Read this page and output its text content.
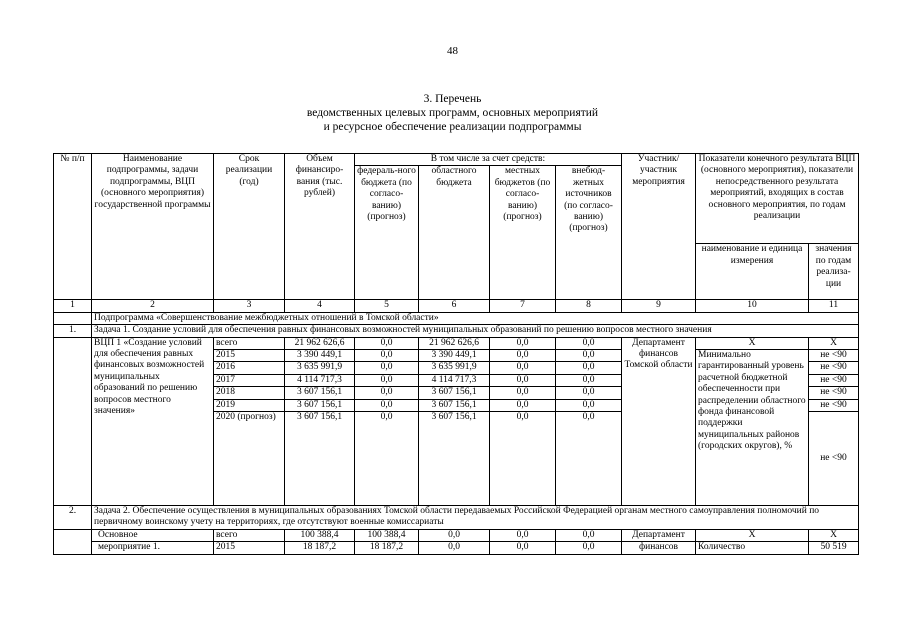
48
3. Перечень
ведомственных целевых программ, основных мероприятий
и ресурсное обеспечение реализации подпрограммы
№ п/п	Наименование подпрограммы, задачи подпрограммы, ВЦП (основного мероприятия) государственной программы	Срок реализации (год)	Объем финансиро-вания (тыс. рублей)	В том числе за счет средств:				Участник/ участник мероприятия	Показатели конечного результата ВЦП (основного мероприятия), показатели непосредственного результата мероприятий, входящих в состав основного мероприятия, по годам реализации	
				федераль-ного бюджета (по согласо-ванию) (прогноз)	областного бюджета	местных бюджетов (по согласо-ванию) (прогноз)	внебюд-жетных источников (по согласо-ванию) (прогноз)			
									наименование и единица измерения	значения по годам реализа-ции
1	2	3	4	5	6	7	8	9	10	11
	Подпрограмма «Совершенствование межбюджетных отношений в Томской области»									
1.	Задача 1. Создание условий для обеспечения равных финансовых возможностей муниципальных образований по решению вопросов местного значения									
	ВЦП 1 «Создание условий для обеспечения равных финансовых возможностей муниципальных образований по решению вопросов местного значения»	всего	21 962 626,6	0,0	21 962 626,6	0,0	0,0	Департамент финансов Томской области	X	X
		2015	3 390 449,1	0,0	3 390 449,1	0,0	0,0		Минимально гарантированный уровень расчетной бюджетной обеспеченности при распределении областного фонда финансовой поддержки муниципальных районов (городских округов), %	не <90
		2016	3 635 991,9	0,0	3 635 991,9	0,0	0,0			не <90
		2017	4 114 717,3	0,0	4 114 717,3	0,0	0,0			не <90
		2018	3 607 156,1	0,0	3 607 156,1	0,0	0,0			не <90
		2019	3 607 156,1	0,0	3 607 156,1	0,0	0,0			не <90
		2020 (прогноз)	3 607 156,1	0,0	3 607 156,1	0,0	0,0			не <90
2.	Задача 2. Обеспечение осуществления в муниципальных образованиях Томской области передаваемых Российской Федерацией органам местного самоуправления полномочий по первичному воинскому учету на территориях, где отсутствуют военные комиссариаты									
	Основное	всего	100 388,4	100 388,4	0,0	0,0	0,0	Департамент	X	X
	мероприятие 1.	2015	18 187,2	18 187,2	0,0	0,0	0,0	финансов	Количество	50 519
